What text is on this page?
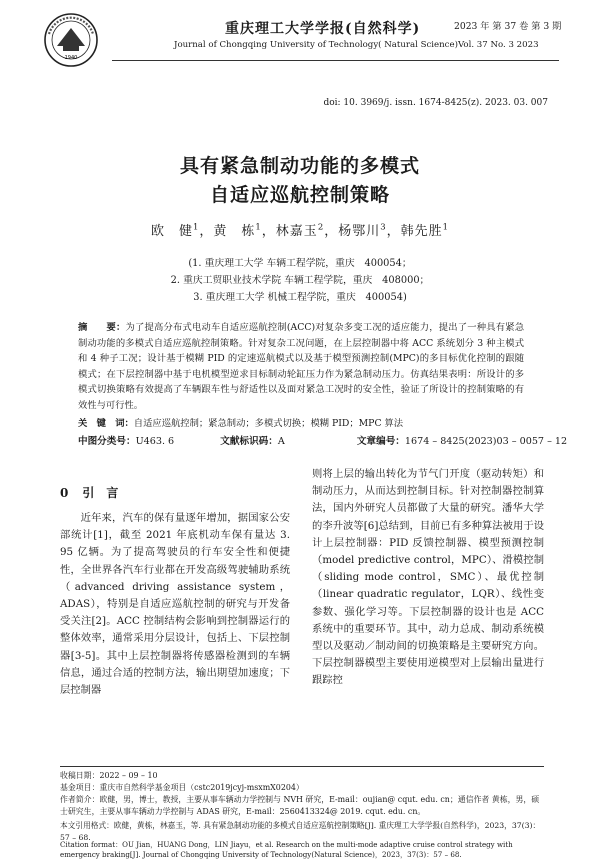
1940
重庆理工大学学报(自然科学)
Journal of Chongqing University of Technology( Natural Science)
2023 年 第 37 卷 第 3 期
Vol. 37 No. 3 2023
doi: 10. 3969/j. issn. 1674-8425(z). 2023. 03. 007
具有紧急制动功能的多模式
自适应巡航控制策略
欧　健$^1$，黄　栋$^1$，林嘉玉$^2$，杨鄂川$^3$，韩先胜$^1$
(1. 重庆理工大学 车辆工程学院，重庆　400054；
2. 重庆工贸职业技术学院 车辆工程学院，重庆　408000；
3. 重庆理工大学 机械工程学院，重庆　400054)
摘　　要：为了提高分布式电动车自适应巡航控制(ACC)对复杂多变工况的适应能力，提出了一种具有紧急制动功能的多模式自适应巡航控制策略。针对复杂工况问题，在上层控制器中将 ACC 系统划分 3 种主模式和 4 种子工况；设计基于模糊 PID 的定速巡航模式以及基于模型预测控制(MPC)的多目标优化控制的跟随模式；在下层控制器中基于电机模型逆求目标制动轮缸压力作为紧急制动压力。仿真结果表明：所设计的多模式切换策略有效提高了车辆跟车性与舒适性以及面对紧急工况时的安全性，验证了所设计的控制策略的有效性与可行性。
关　键　词：自适应巡航控制；紧急制动；多模式切换；模糊 PID；MPC 算法
中图分类号：U463. 6	文献标识码：A	文章编号：1674 – 8425(2023)03 – 0057 – 12
0 引　言

近年来，汽车的保有量逐年增加，据国家公安部统计[1]，截至 2021 年底机动车保有量达 3. 95 亿辆。为了提高驾驶员的行车安全性和便捷性，全世界各汽车行业都在开发高级驾驶辅助系统（advanced driving assistance system，ADAS），特别是自适应巡航控制的研究与开发备受关注[2]。ACC 控制结构会影响到控制器运行的整体效率，通常采用分层设计，包括上、下层控制器[3-5]。其中上层控制器将传感器检测到的车辆信息，通过合适的控制方法，输出期望加速度；下层控制器

则将上层的输出转化为节气门开度（驱动转矩）和制动压力，从而达到控制目标。针对控制器控制算法，国内外研究人员都做了大量的研究。潘华大学的李升波等[6]总结到，目前已有多种算法被用于设计上层控制器：PID 反馈控制器、模型预测控制（model predictive control，MPC）、滑模控制（sliding mode control，SMC）、最优控制（linear quadratic regulator，LQR）、线性变参数、强化学习等。下层控制器的设计也是 ACC 系统中的重要环节。其中，动力总成、制动系统模型以及驱动／制动间的切换策略是主要研究方向。下层控制器模型主要使用逆模型对上层输出量进行跟踪控

收稿日期：2022 – 09 – 10
基金项目：重庆市自然科学基金项目（cstc2019jcyj-msxmX0204）
作者简介：欧健，男，博士，教授，主要从事车辆动力学控制与 NVH 研究，E-mail：oujian@ cqut. edu. cn；通信作者 黄栋，男，硕士研究生，主要从事车辆动力学控制与 ADAS 研究，E-mail：2560413324@ 2019. cqut. edu. cn。
本文引用格式：欧健，黄栋，林嘉玉，等. 具有紧急制动功能的多模式自适应巡航控制策略[J]. 重庆理工大学学报(自然科学)，2023，37(3)：57 – 68.
Citation format：OU Jian，HUANG Dong，LIN Jiayu，et al. Research on the multi-mode adaptive cruise control strategy with emergency braking[J]. Journal of Chongqing University of Technology(Natural Science)，2023，37(3)：57 – 68.
